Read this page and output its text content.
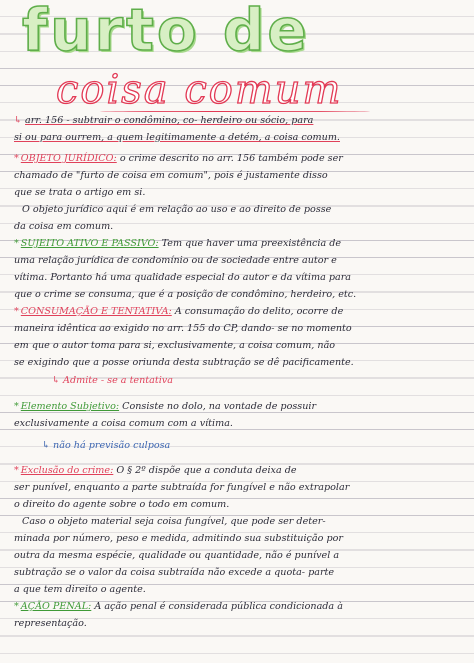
furto de
coisa comum
↳ arr. 156 - subtrair o condômino, co- herdeiro ou sócio, para
si ou para ourrem, a quem legitimamente a detém, a coisa comum.
* OBJETO JURÍDICO: o crime descrito no arr. 156 também pode ser
chamado de "furto de coisa em comum", pois é justamente disso
que se trata o artigo em si.
O objeto jurídico aqui é em relação ao uso e ao direito de posse
da coisa em comum.
* SUJEITO ATIVO E PASSIVO: Tem que haver uma preexistência de
uma relação jurídica de condomínio ou de sociedade entre autor e
vítima. Portanto há uma qualidade especial do autor e da vítima para
que o crime se consuma, que é a posição de condômino, herdeiro, etc.
* CONSUMAÇÃO E TENTATIVA: A consumação do delito, ocorre de
maneira idêntica ao exigido no arr. 155 do CP, dando- se no momento
em que o autor toma para si, exclusivamente, a coisa comum, não
se exigindo que a posse oriunda desta subtração se dê pacificamente.
↳ Admite - se a tentativa
* Elemento Subjetivo: Consiste no dolo, na vontade de possuir
exclusivamente a coisa comum com a vítima.
↳ não há previsão culposa
* Exclusão do crime: O § 2º dispõe que a conduta deixa de
ser punível, enquanto a parte subtraída for fungível e não extrapolar
o direito do agente sobre o todo em comum.
Caso o objeto material seja coisa fungível, que pode ser deter-
minada por número, peso e medida, admitindo sua substituição por
outra da mesma espécie, qualidade ou quantidade, não é punível a
subtração se o valor da coisa subtraída não excede a quota- parte
a que tem direito o agente.
* AÇÃO PENAL: A ação penal é considerada pública condicionada à
representação.
